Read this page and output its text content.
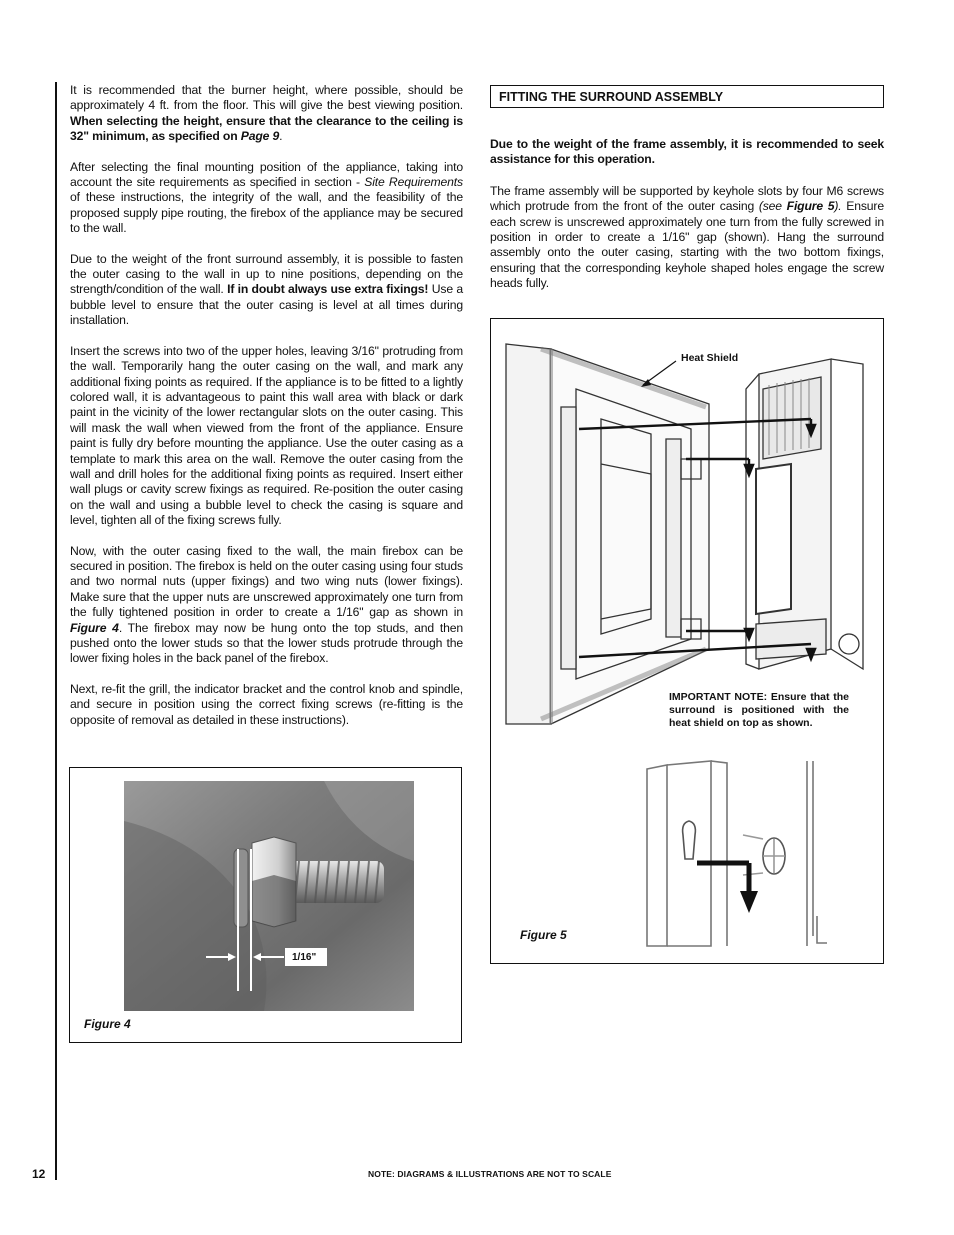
It is recommended that the burner height, where possible, should be approximately 4 ft. from the floor. This will give the best viewing position. When selecting the height, ensure that the clearance to the ceiling is 32" minimum, as specified on Page 9.

After selecting the final mounting position of the appliance, taking into account the site requirements as specified in section - Site Requirements of these instructions, the integrity of the wall, and the feasibility of the proposed supply pipe routing, the firebox of the appliance may be secured to the wall.

Due to the weight of the front surround assembly, it is possible to fasten the outer casing to the wall in up to nine positions, depending on the strength/condition of the wall. If in doubt always use extra fixings! Use a bubble level to ensure that the outer casing is level at all times during installation.

Insert the screws into two of the upper holes, leaving 3/16" protruding from the wall. Temporarily hang the outer casing on the wall, and mark any additional fixing points as required. If the appliance is to be fitted to a lightly colored wall, it is advantageous to paint this wall area with black or dark paint in the vicinity of the lower rectangular slots on the outer casing. This will mask the wall when viewed from the front of the appliance. Ensure paint is fully dry before mounting the appliance. Use the outer casing as a template to mark this area on the wall. Remove the outer casing from the wall and drill holes for the additional fixing points as required. Insert either wall plugs or cavity screw fixings as required. Re-position the outer casing on the wall and using a bubble level to check the casing is square and level, tighten all of the fixing screws fully.

Now, with the outer casing fixed to the wall, the main firebox can be secured in position. The firebox is held on the outer casing using four studs and two normal nuts (upper fixings) and two wing nuts (lower fixings). Make sure that the upper nuts are unscrewed approximately one turn from the fully tightened position in order to create a 1/16" gap as shown in Figure 4. The firebox may now be hung onto the top studs, and then pushed onto the lower studs so that the lower studs protrude through the lower fixing holes in the back panel of the firebox.

Next, re-fit the grill, the indicator bracket and the control knob and spindle, and secure in position using the correct fixing screws (re-fitting is the opposite of removal as detailed in these instructions).

1/16"
Figure 4
FITTING THE SURROUND ASSEMBLY

Due to the weight of the frame assembly, it is recommended to seek assistance for this operation.

The frame assembly will be supported by keyhole slots by four M6 screws which protrude from the front of the outer casing (see Figure 5). Ensure each screw is unscrewed approximately one turn from the fully screwed in position in order to create a 1/16" gap (shown). Hang the surround assembly onto the outer casing, starting with the two bottom fixings, ensuring that the corresponding keyhole shaped holes engage the screw heads fully.

Heat Shield
IMPORTANT NOTE: Ensure that the surround is positioned with the heat shield on top as shown.
Figure 5
12	NOTE: DIAGRAMS & ILLUSTRATIONS ARE NOT TO SCALE
